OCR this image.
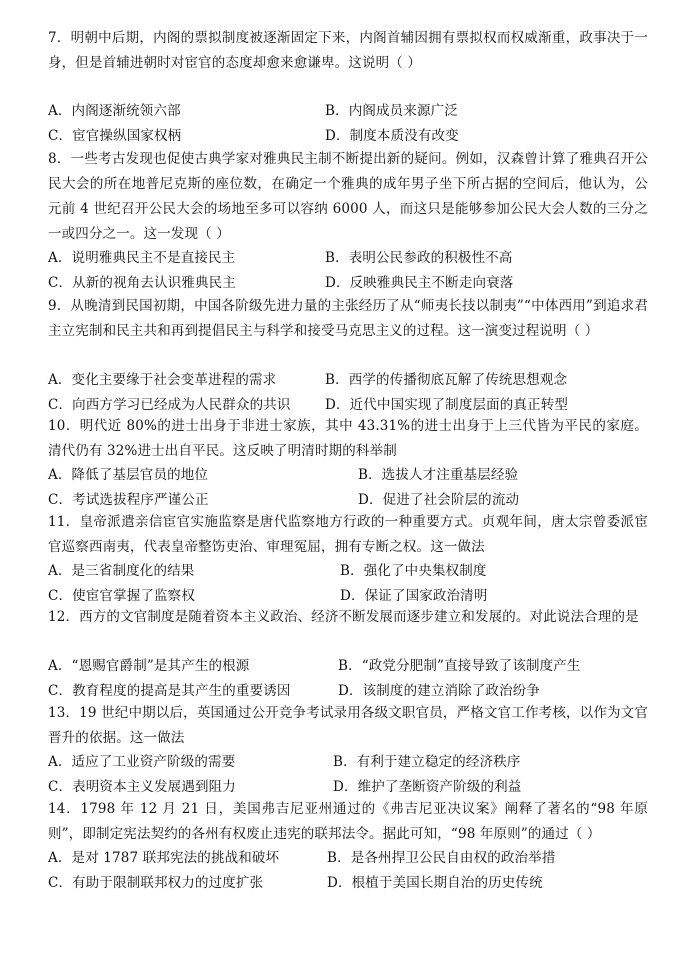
7．明朝中后期，内阁的票拟制度被逐渐固定下来，内阁首辅因拥有票拟权而权威渐重，政事决于一身，但是首辅进朝时对宦官的态度却愈来愈谦卑。这说明（ ）
A．内阁逐渐统领六部	B．内阁成员来源广泛
C．宦官操纵国家权柄	D．制度本质没有改变
8．一些考古发现也促使古典学家对雅典民主制不断提出新的疑问。例如，汉森曾计算了雅典召开公民大会的所在地普尼克斯的座位数，在确定一个雅典的成年男子坐下所占据的空间后，他认为，公元前 4 世纪召开公民大会的场地至多可以容纳 6000 人，而这只是能够参加公民大会人数的三分之一或四分之一。这一发现（ ）
A．说明雅典民主不是直接民主	B．表明公民参政的积极性不高
C．从新的视角去认识雅典民主	D．反映雅典民主不断走向衰落
9．从晚清到民国初期，中国各阶级先进力量的主张经历了从“师夷长技以制夷”“中体西用”到追求君主立宪制和民主共和再到提倡民主与科学和接受马克思主义的过程。这一演变过程说明（ ）
A．变化主要缘于社会变革进程的需求	B．西学的传播彻底瓦解了传统思想观念
C．向西方学习已经成为人民群众的共识	D．近代中国实现了制度层面的真正转型
10．明代近 80%的进士出身于非进士家族，其中 43.31%的进士出身于上三代皆为平民的家庭。清代仍有 32%进士出自平民。这反映了明清时期的科举制
A．降低了基层官员的地位	B．选拔人才注重基层经验
C．考试选拔程序严谨公正	D．促进了社会阶层的流动
11．皇帝派遣亲信宦官实施监察是唐代监察地方行政的一种重要方式。贞观年间，唐太宗曾委派宦官巡察西南夷，代表皇帝整饬吏治、审理冤屈，拥有专断之权。这一做法
A．是三省制度化的结果	B．强化了中央集权制度
C．使宦官掌握了监察权	D．保证了国家政治清明
12．西方的文官制度是随着资本主义政治、经济不断发展而逐步建立和发展的。对此说法合理的是
A．“恩赐官爵制”是其产生的根源	B．“政党分肥制”直接导致了该制度产生
C．教育程度的提高是其产生的重要诱因	D．该制度的建立消除了政治纷争
13．19 世纪中期以后，英国通过公开竞争考试录用各级文职官员，严格文官工作考核，以作为文官晋升的依据。这一做法
A．适应了工业资产阶级的需要	B．有利于建立稳定的经济秩序
C．表明资本主义发展遇到阻力	D．维护了垄断资产阶级的利益
14．1798 年 12 月 21 日，美国弗吉尼亚州通过的《弗吉尼亚决议案》阐释了著名的“98 年原则”，即制定宪法契约的各州有权废止违宪的联邦法令。据此可知，“98 年原则”的通过（ ）
A．是对 1787 联邦宪法的挑战和破坏	B．是各州捍卫公民自由权的政治举措
C．有助于限制联邦权力的过度扩张	D．根植于美国长期自治的历史传统
